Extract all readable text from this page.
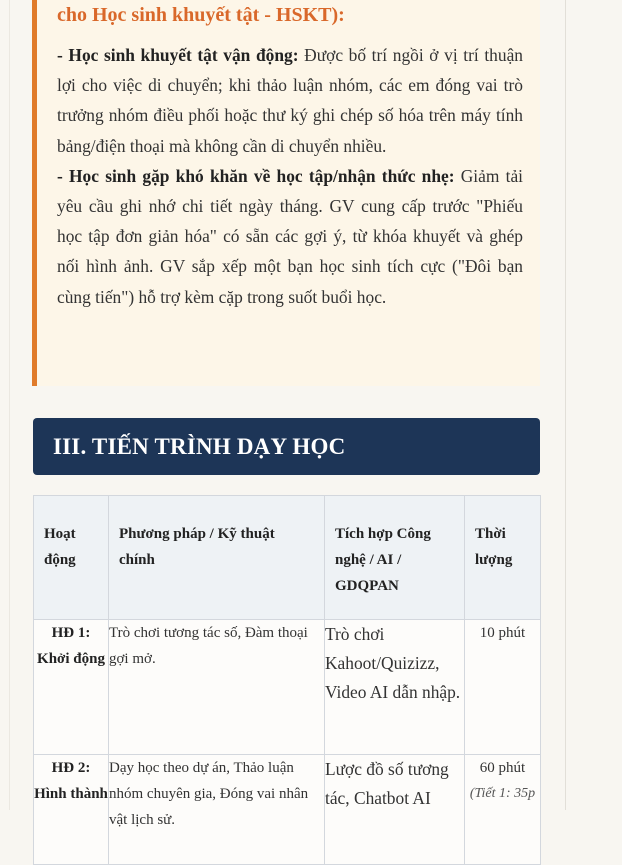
cho Học sinh khuyết tật - HSKT):

- Học sinh khuyết tật vận động: Được bố trí ngồi ở vị trí thuận lợi cho việc di chuyển; khi thảo luận nhóm, các em đóng vai trò trưởng nhóm điều phối hoặc thư ký ghi chép số hóa trên máy tính bảng/điện thoại mà không cần di chuyển nhiều.

- Học sinh gặp khó khăn về học tập/nhận thức nhẹ: Giảm tải yêu cầu ghi nhớ chi tiết ngày tháng. GV cung cấp trước "Phiếu học tập đơn giản hóa" có sẵn các gợi ý, từ khóa khuyết và ghép nối hình ảnh. GV sắp xếp một bạn học sinh tích cực ("Đôi bạn cùng tiến") hỗ trợ kèm cặp trong suốt buổi học.

III. TIẾN TRÌNH DẠY HỌC
Hoạt động	Phương pháp / Kỹ thuật chính	Tích hợp Công nghệ / AI / GDQPAN	Thời lượng
HĐ 1: Khởi động	Trò chơi tương tác số, Đàm thoại gợi mở.	Trò chơi Kahoot/Quizizz, Video AI dẫn nhập.	10 phút
HĐ 2: Hình thành	Dạy học theo dự án, Thảo luận nhóm chuyên gia, Đóng vai nhân vật lịch sử.	Lược đồ số tương tác, Chatbot AI	60 phút
(Tiết 1: 35p
